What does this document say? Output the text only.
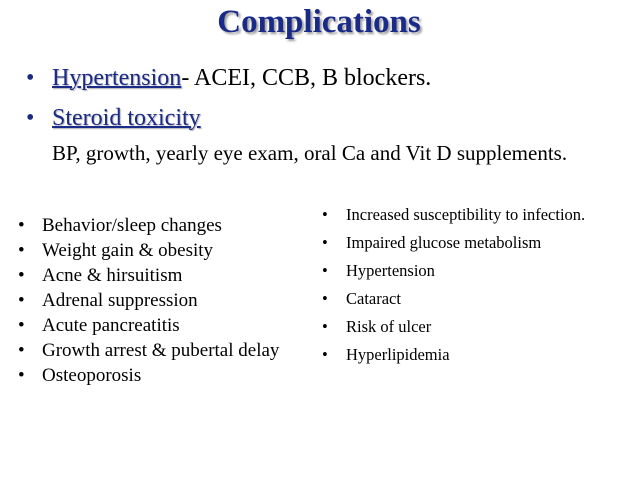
Complications
• Hypertension- ACEI, CCB, B blockers.
• Steroid toxicity
BP, growth, yearly eye exam, oral Ca and Vit D supplements.
• Behavior/sleep changes
• Weight gain & obesity
• Acne & hirsuitism
• Adrenal suppression
• Acute pancreatitis
• Growth arrest & pubertal delay
• Osteoporosis
• Increased susceptibility to infection.
• Impaired glucose metabolism
• Hypertension
• Cataract
• Risk of ulcer
• Hyperlipidemia
